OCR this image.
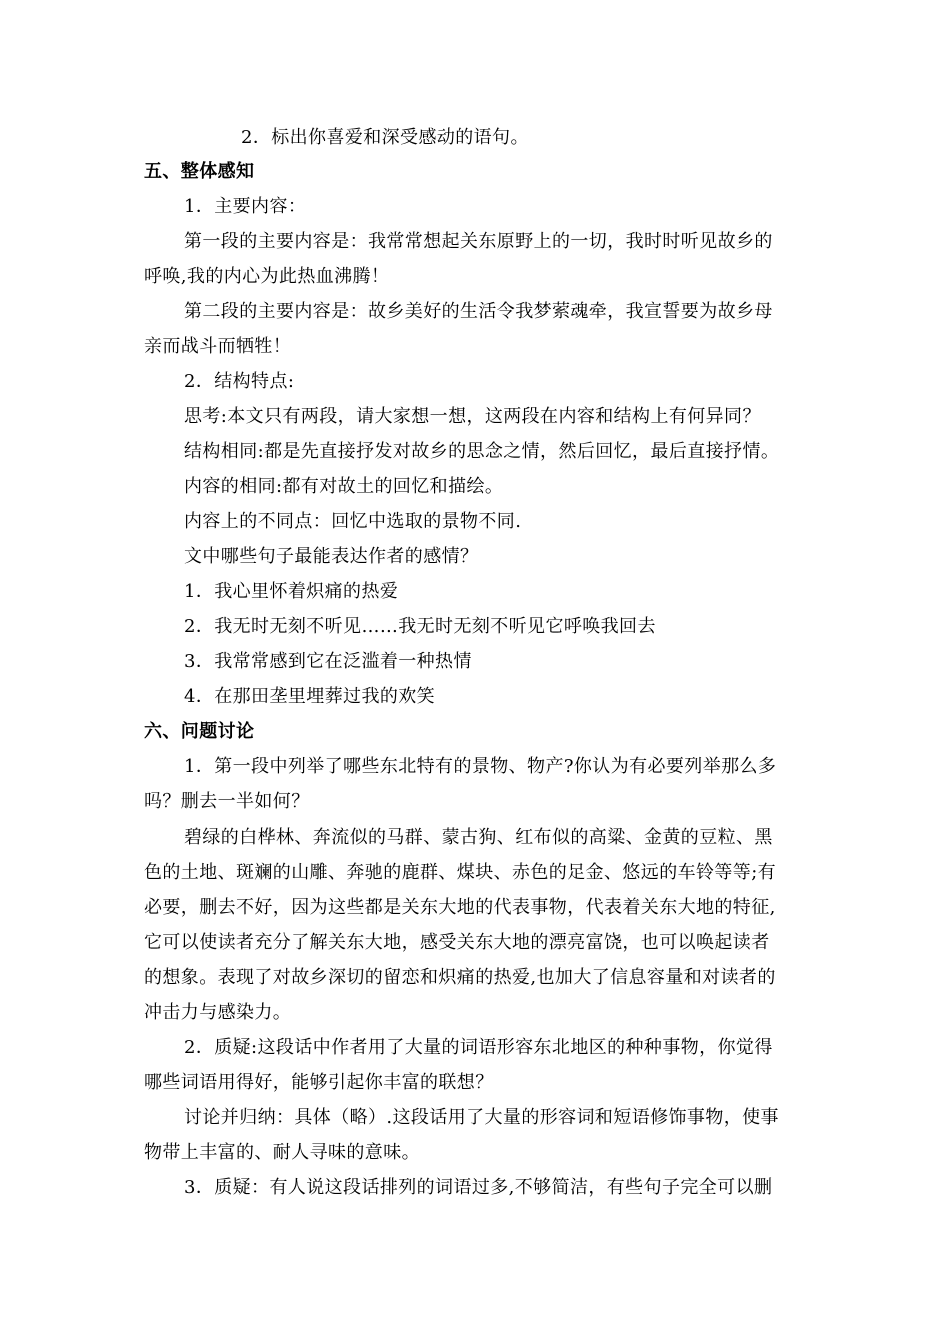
2．标出你喜爱和深受感动的语句。
五、整体感知
1．主要内容：
第一段的主要内容是：我常常想起关东原野上的一切，我时时听见故乡的
呼唤,我的内心为此热血沸腾！
第二段的主要内容是：故乡美好的生活令我梦萦魂牵，我宣誓要为故乡母
亲而战斗而牺牲！
2．结构特点:
思考:本文只有两段，请大家想一想，这两段在内容和结构上有何异同？
结构相同:都是先直接抒发对故乡的思念之情，然后回忆，最后直接抒情。
内容的相同:都有对故土的回忆和描绘。
内容上的不同点：回忆中选取的景物不同.
文中哪些句子最能表达作者的感情？
1．我心里怀着炽痛的热爱
2．我无时无刻不听见……我无时无刻不听见它呼唤我回去
3．我常常感到它在泛滥着一种热情
4．在那田垄里埋葬过我的欢笑
六、问题讨论
1．第一段中列举了哪些东北特有的景物、物产?你认为有必要列举那么多
吗？删去一半如何？
碧绿的白桦林、奔流似的马群、蒙古狗、红布似的高粱、金黄的豆粒、黑
色的土地、斑斓的山雕、奔驰的鹿群、煤块、赤色的足金、悠远的车铃等等;有
必要，删去不好，因为这些都是关东大地的代表事物，代表着关东大地的特征,
它可以使读者充分了解关东大地，感受关东大地的漂亮富饶，也可以唤起读者
的想象。表现了对故乡深切的留恋和炽痛的热爱,也加大了信息容量和对读者的
冲击力与感染力。
2．质疑:这段话中作者用了大量的词语形容东北地区的种种事物，你觉得
哪些词语用得好，能够引起你丰富的联想？
讨论并归纳：具体（略）.这段话用了大量的形容词和短语修饰事物，使事
物带上丰富的、耐人寻味的意味。
3．质疑：有人说这段话排列的词语过多,不够简洁，有些句子完全可以删
